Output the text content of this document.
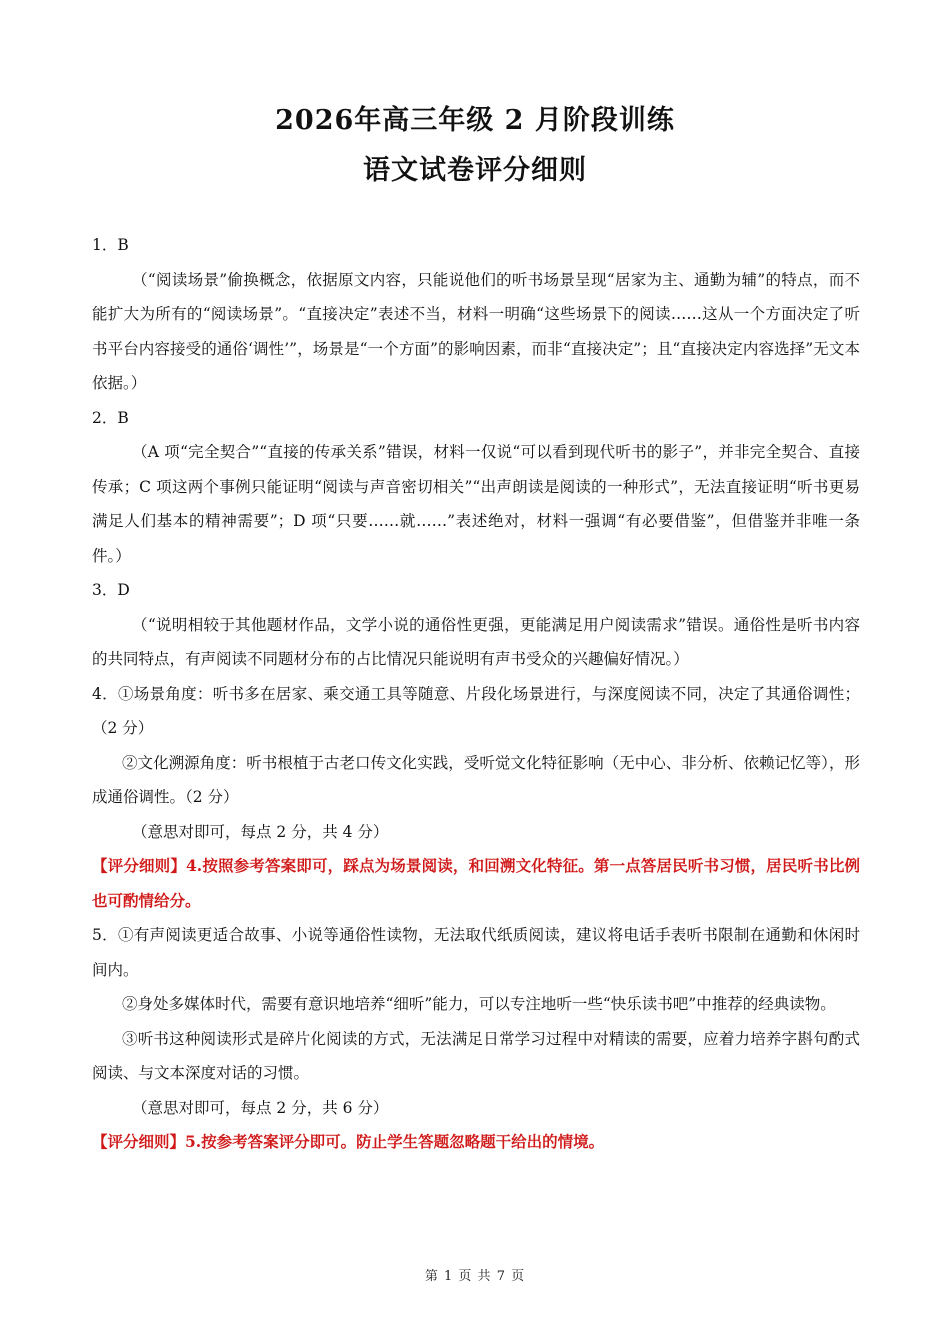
2026年高三年级 2 月阶段训练
语文试卷评分细则

1．B

（“阅读场景”偷换概念，依据原文内容，只能说他们的听书场景呈现“居家为主、通勤为辅”的特点，而不能扩大为所有的“阅读场景”。“直接决定”表述不当，材料一明确“这些场景下的阅读……这从一个方面决定了听书平台内容接受的通俗‘调性’”，场景是“一个方面”的影响因素，而非“直接决定”；且“直接决定内容选择”无文本依据。）

2．B

（A 项“完全契合”“直接的传承关系”错误，材料一仅说“可以看到现代听书的影子”，并非完全契合、直接传承；C 项这两个事例只能证明“阅读与声音密切相关”“出声朗读是阅读的一种形式”，无法直接证明“听书更易满足人们基本的精神需要”；D 项“只要……就……”表述绝对，材料一强调“有必要借鉴”，但借鉴并非唯一条件。）

3．D

（“说明相较于其他题材作品，文学小说的通俗性更强，更能满足用户阅读需求”错误。通俗性是听书内容的共同特点，有声阅读不同题材分布的占比情况只能说明有声书受众的兴趣偏好情况。）

4．①场景角度：听书多在居家、乘交通工具等随意、片段化场景进行，与深度阅读不同，决定了其通俗调性；（2 分）

②文化溯源角度：听书根植于古老口传文化实践，受听觉文化特征影响（无中心、非分析、依赖记忆等），形成通俗调性。（2 分）

（意思对即可，每点 2 分，共 4 分）

【评分细则】4.按照参考答案即可，踩点为场景阅读，和回溯文化特征。第一点答居民听书习惯，居民听书比例也可酌情给分。

5．①有声阅读更适合故事、小说等通俗性读物，无法取代纸质阅读，建议将电话手表听书限制在通勤和休闲时间内。

②身处多媒体时代，需要有意识地培养“细听”能力，可以专注地听一些“快乐读书吧”中推荐的经典读物。

③听书这种阅读形式是碎片化阅读的方式，无法满足日常学习过程中对精读的需要，应着力培养字斟句酌式阅读、与文本深度对话的习惯。

（意思对即可，每点 2 分，共 6 分）

【评分细则】5.按参考答案评分即可。防止学生答题忽略题干给出的情境。

第 1 页 共 7 页
